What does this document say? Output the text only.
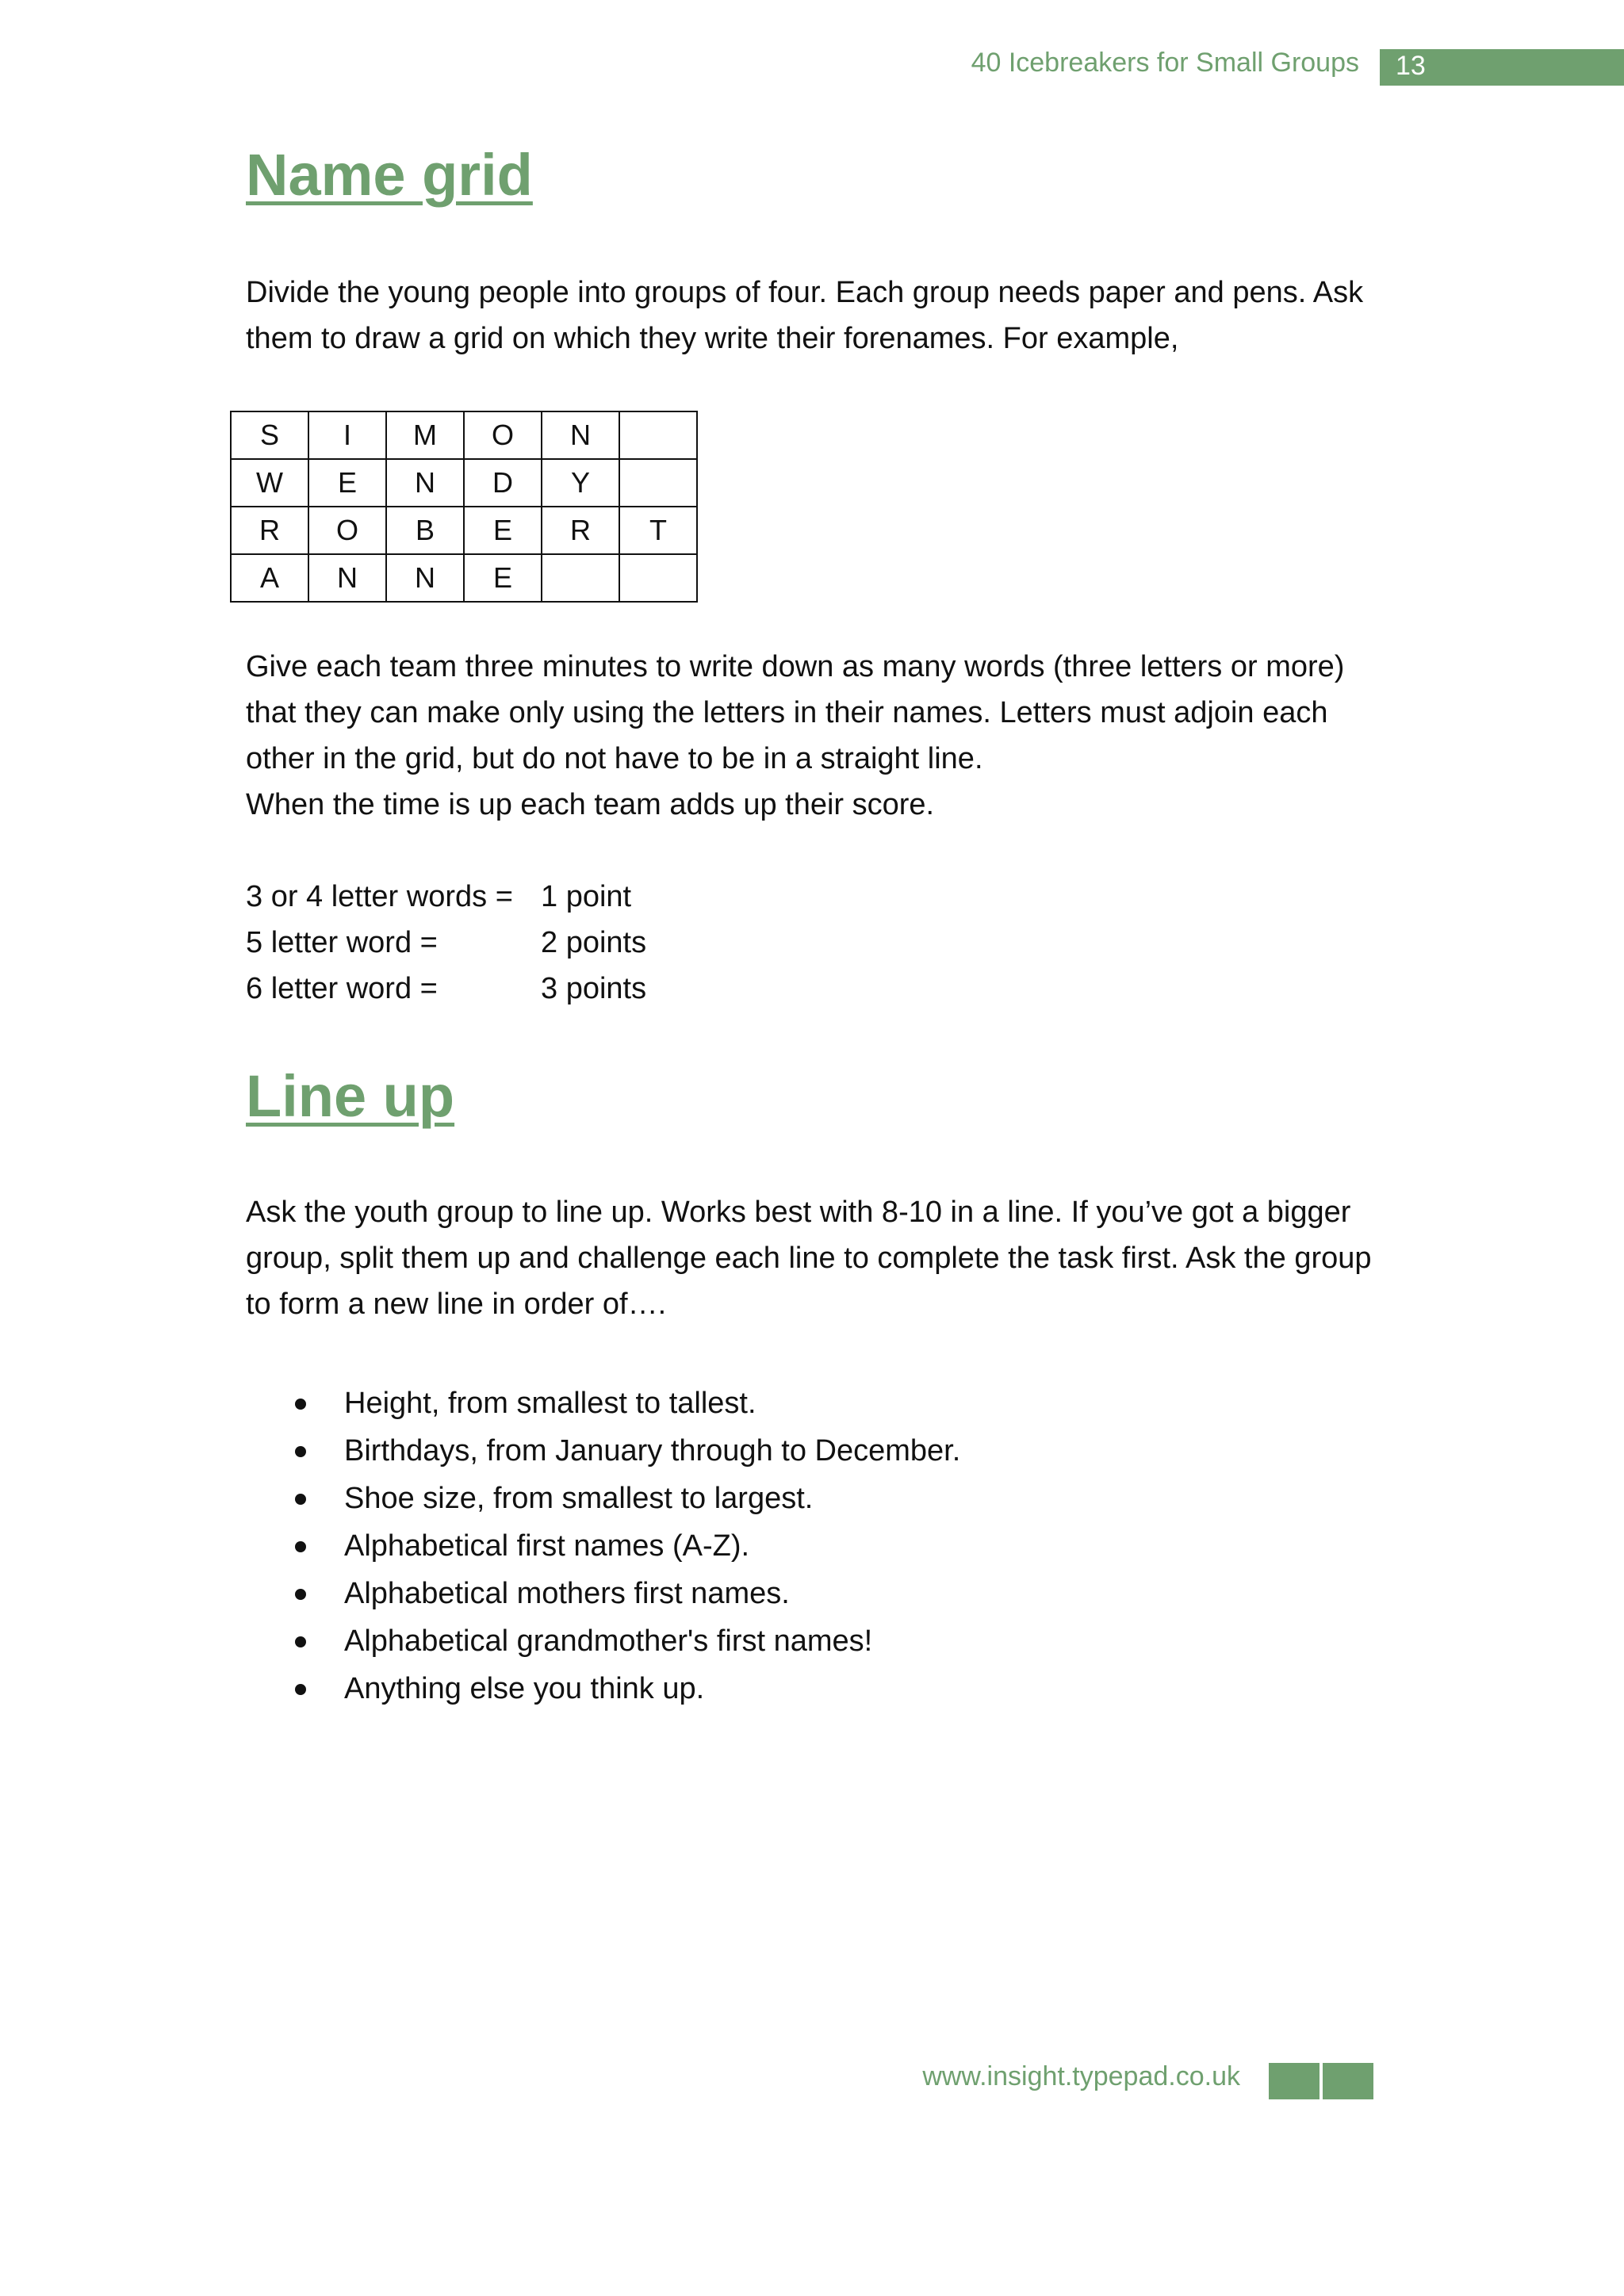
40 Icebreakers for Small Groups 13
Name grid

Divide the young people into groups of four. Each group needs paper and pens. Ask them to draw a grid on which they write their forenames. For example,

S	I	M	O	N	
W	E	N	D	Y	
R	O	B	E	R	T
A	N	N	E		

Give each team three minutes to write down as many words (three letters or more) that they can make only using the letters in their names. Letters must adjoin each other in the grid, but do not have to be in a straight line.

When the time is up each team adds up their score.

3 or 4 letter words = 1 point
5 letter word =	2 points
6 letter word =	3 points
Line up

Ask the youth group to line up. Works best with 8-10 in a line. If you’ve got a bigger group, split them up and challenge each line to complete the task first. Ask the group to form a new line in order of….

Height, from smallest to tallest.
Birthdays, from January through to December.
Shoe size, from smallest to largest.
Alphabetical first names (A-Z).
Alphabetical mothers first names.
Alphabetical grandmother's first names!
Anything else you think up.
www.insight.typepad.co.uk
